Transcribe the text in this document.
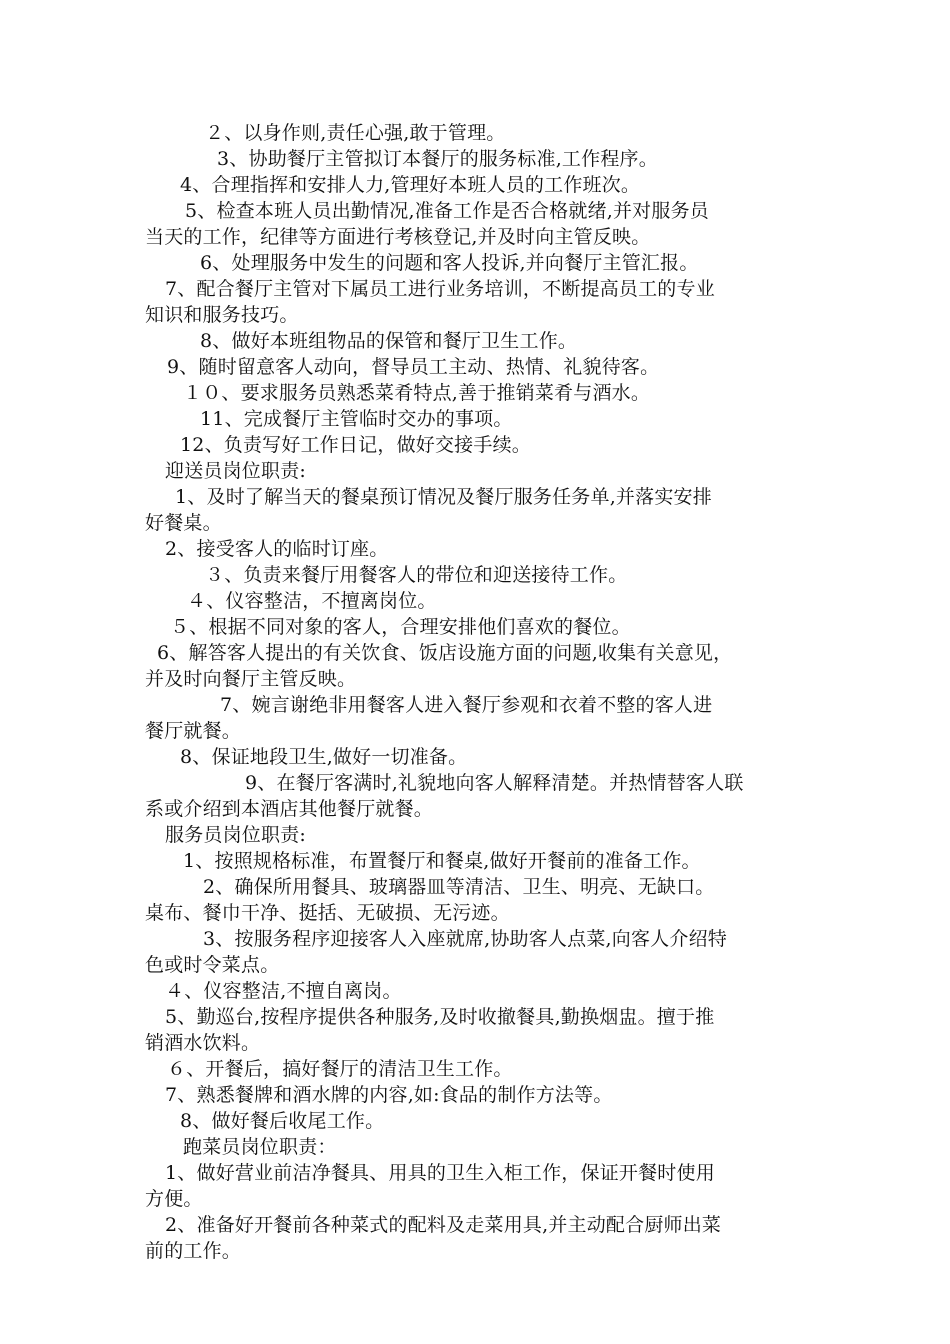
２、以身作则,责任心强,敢于管理。
3、协助餐厅主管拟订本餐厅的服务标准,工作程序。
4、合理指挥和安排人力,管理好本班人员的工作班次。
5、检查本班人员出勤情况,准备工作是否合格就绪,并对服务员
当天的工作，纪律等方面进行考核登记,并及时向主管反映。
6、处理服务中发生的问题和客人投诉,并向餐厅主管汇报。
7、配合餐厅主管对下属员工进行业务培训，不断提高员工的专业
知识和服务技巧。
8、做好本班组物品的保管和餐厅卫生工作。
9、随时留意客人动向，督导员工主动、热情、礼貌待客。
１０、要求服务员熟悉菜肴特点,善于推销菜肴与酒水。
11、完成餐厅主管临时交办的事项。
12、负责写好工作日记，做好交接手续。
迎送员岗位职责:
1、及时了解当天的餐桌预订情况及餐厅服务任务单,并落实安排
好餐桌。
2、接受客人的临时订座。
３、负责来餐厅用餐客人的带位和迎送接待工作。
４、仪容整洁，不擅离岗位。
５、根据不同对象的客人，合理安排他们喜欢的餐位。
6、解答客人提出的有关饮食、饭店设施方面的问题,收集有关意见，
并及时向餐厅主管反映。
7、婉言谢绝非用餐客人进入餐厅参观和衣着不整的客人进
餐厅就餐。
8、保证地段卫生,做好一切准备。
9、在餐厅客满时,礼貌地向客人解释清楚。并热情替客人联
系或介绍到本酒店其他餐厅就餐。
服务员岗位职责:
1、按照规格标准，布置餐厅和餐桌,做好开餐前的准备工作。
2、确保所用餐具、玻璃器皿等清洁、卫生、明亮、无缺口。
桌布、餐巾干净、挺括、无破损、无污迹。
3、按服务程序迎接客人入座就席,协助客人点菜,向客人介绍特
色或时令菜点。
４、仪容整洁,不擅自离岗。
5、勤巡台,按程序提供各种服务,及时收撤餐具,勤换烟盅。擅于推
销酒水饮料。
６、开餐后，搞好餐厅的清洁卫生工作。
7、熟悉餐牌和酒水牌的内容,如:食品的制作方法等。
8、做好餐后收尾工作。
跑菜员岗位职责：
1、做好营业前洁净餐具、用具的卫生入柜工作，保证开餐时使用
方便。
2、准备好开餐前各种菜式的配料及走菜用具,并主动配合厨师出菜
前的工作。
